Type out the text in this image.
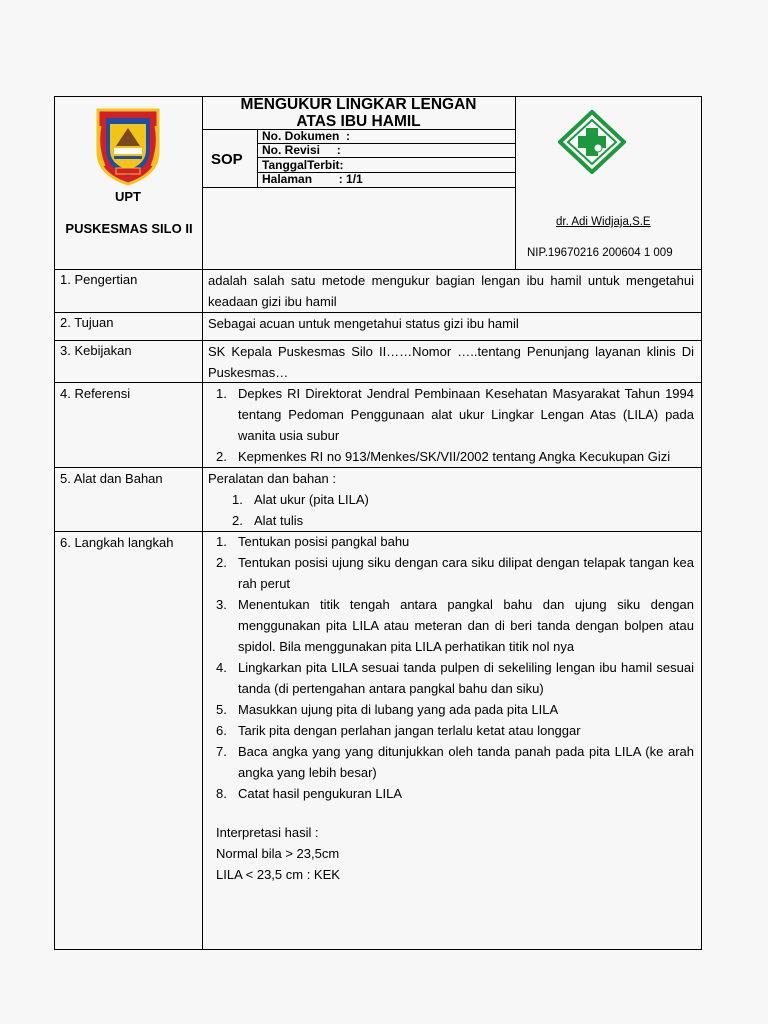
MENGUKUR LINGKAR LENGAN
ATAS IBU HAMIL
SOP
No. Dokumen  :
No. Revisi     :
TanggalTerbit:
Halaman        : 1/1
UPT
PUSKESMAS SILO II	dr. Adi Widjaja,S.E
NIP.19670216 200604 1 009
1. Pengertian	adalah salah satu metode mengukur bagian lengan ibu hamil untuk mengetahui keadaan gizi ibu hamil
2. Tujuan	Sebagai acuan untuk mengetahui status gizi ibu hamil
3. Kebijakan	SK Kepala Puskesmas Silo II……Nomor …..tentang Penunjang layanan klinis Di Puskesmas…
4. Referensi	1. Depkes RI Direktorat Jendral Pembinaan Kesehatan Masyarakat Tahun 1994 tentang Pedoman Penggunaan alat ukur Lingkar Lengan Atas (LILA) pada wanita usia subur
2. Kepmenkes RI no 913/Menkes/SK/VII/2002 tentang Angka Kecukupan Gizi
5. Alat dan Bahan	Peralatan dan bahan :
1. Alat ukur (pita LILA)
2. Alat tulis
6. Langkah langkah	1. Tentukan posisi pangkal bahu
2. Tentukan posisi ujung siku dengan cara siku dilipat dengan telapak tangan kea rah perut
3. Menentukan titik tengah antara pangkal bahu dan ujung siku dengan menggunakan pita LILA atau meteran dan di beri tanda dengan bolpen atau spidol. Bila menggunakan pita LILA perhatikan titik nol nya
4. Lingkarkan pita LILA sesuai tanda pulpen di sekeliling lengan ibu hamil sesuai tanda (di pertengahan antara pangkal bahu dan siku)
5. Masukkan ujung pita di lubang yang ada pada pita LILA
6. Tarik pita dengan perlahan jangan terlalu ketat atau longgar
7. Baca angka yang yang ditunjukkan oleh tanda panah pada pita LILA (ke arah angka yang lebih besar)
8. Catat hasil pengukuran LILA
Interpretasi hasil :
Normal bila > 23,5cm
LILA < 23,5 cm : KEK
